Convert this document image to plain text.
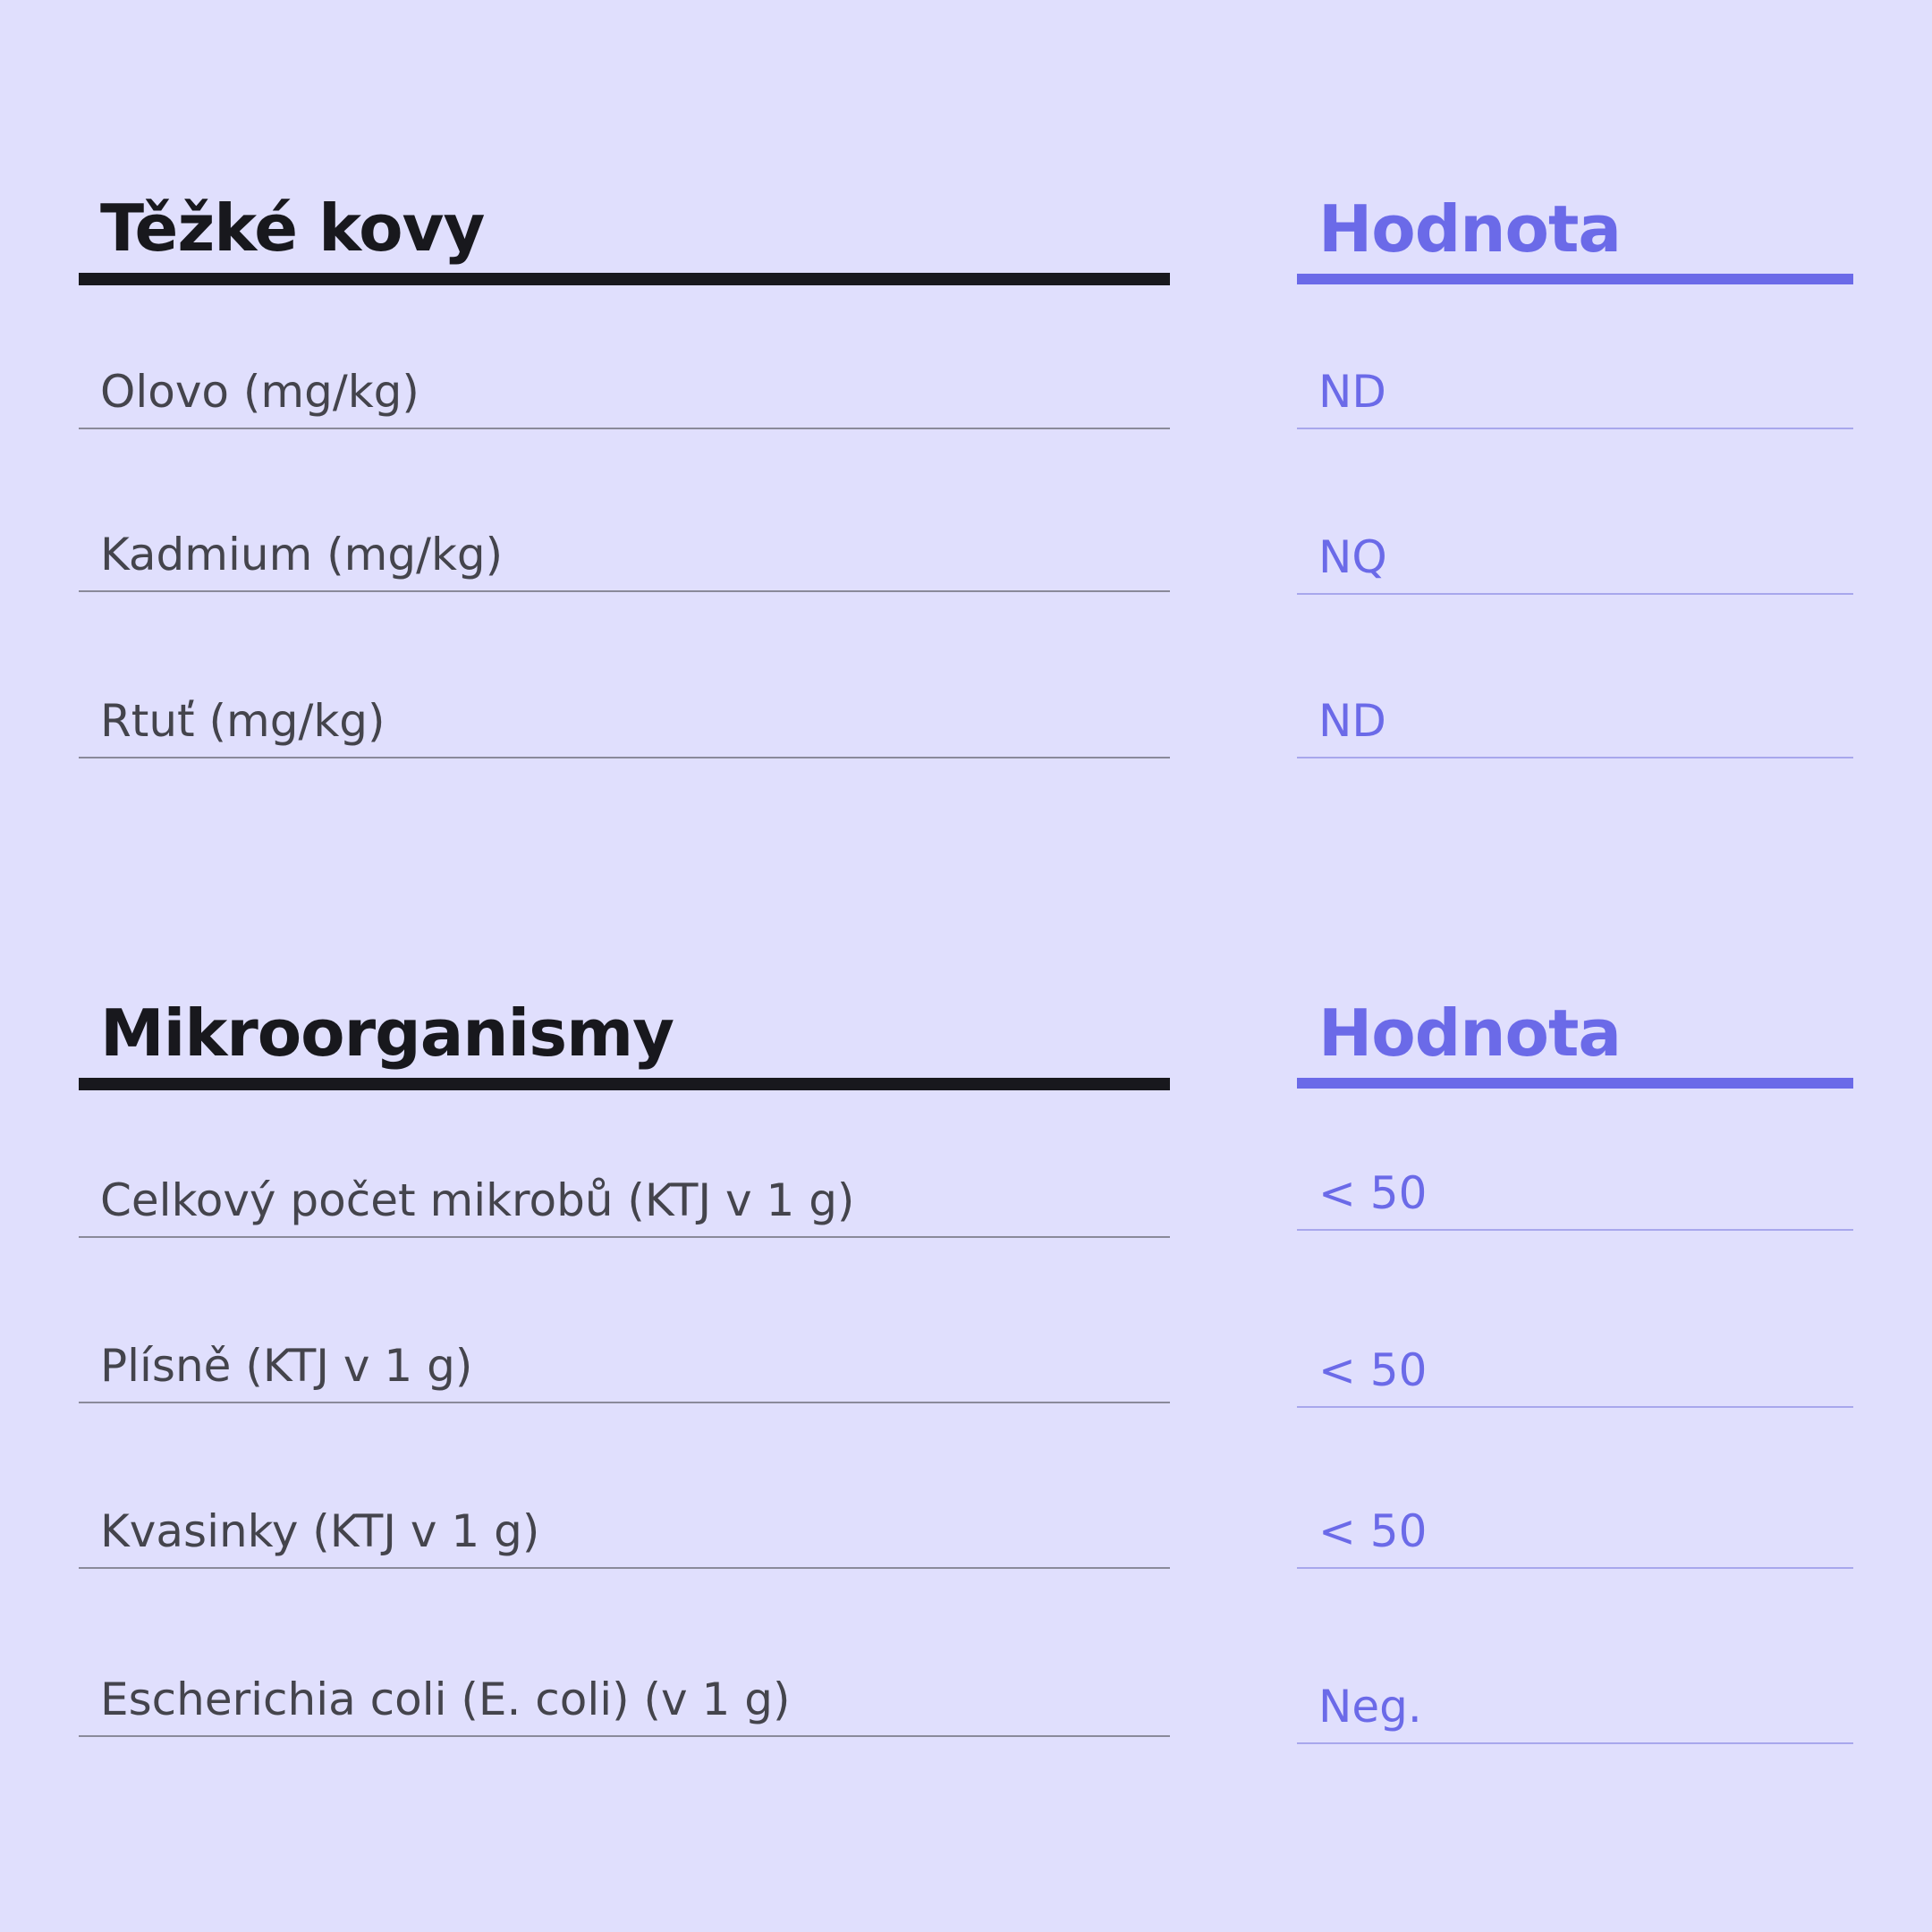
Těžké kovy	Hodnota
Olovo (mg/kg)	ND
Kadmium (mg/kg)	NQ
Rtuť (mg/kg)	ND
Mikroorganismy	Hodnota
Celkový počet mikrobů (KTJ v 1 g)	< 50
Plísně (KTJ v 1 g)	< 50
Kvasinky (KTJ v 1 g)	< 50
Escherichia coli (E. coli) (v 1 g)	Neg.
